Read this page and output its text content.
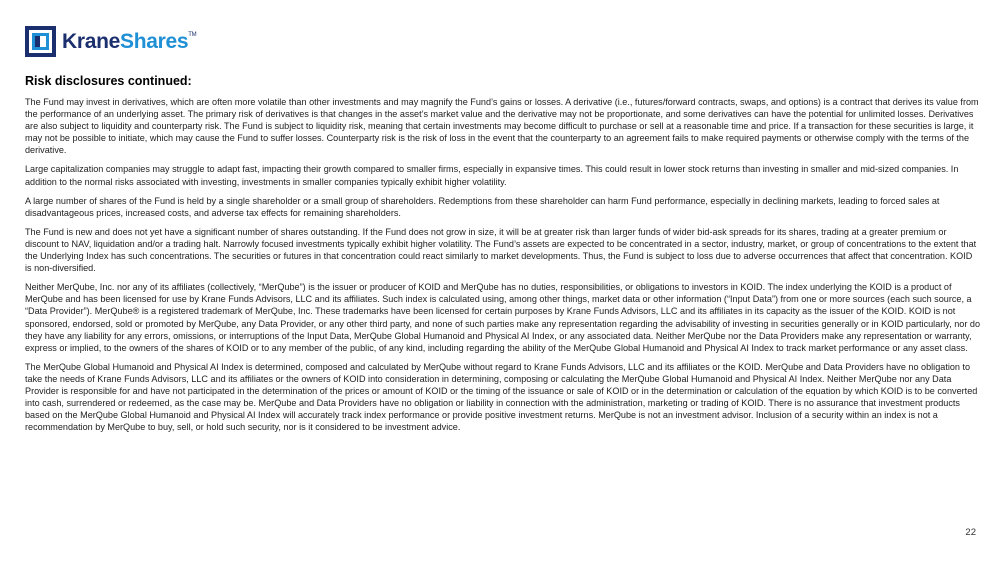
KraneShares™
Risk disclosures continued:

The Fund may invest in derivatives, which are often more volatile than other investments and may magnify the Fund’s gains or losses. A derivative (i.e., futures/forward contracts, swaps, and options) is a contract that derives its value from the performance of an underlying asset. The primary risk of derivatives is that changes in the asset’s market value and the derivative may not be proportionate, and some derivatives can have the potential for unlimited losses. Derivatives are also subject to liquidity and counterparty risk. The Fund is subject to liquidity risk, meaning that certain investments may become difficult to purchase or sell at a reasonable time and price. If a transaction for these securities is large, it may not be possible to initiate, which may cause the Fund to suffer losses. Counterparty risk is the risk of loss in the event that the counterparty to an agreement fails to make required payments or otherwise comply with the terms of the derivative.

Large capitalization companies may struggle to adapt fast, impacting their growth compared to smaller firms, especially in expansive times. This could result in lower stock returns than investing in smaller and mid-sized companies. In addition to the normal risks associated with investing, investments in smaller companies typically exhibit higher volatility.

A large number of shares of the Fund is held by a single shareholder or a small group of shareholders. Redemptions from these shareholder can harm Fund performance, especially in declining markets, leading to forced sales at disadvantageous prices, increased costs, and adverse tax effects for remaining shareholders.

The Fund is new and does not yet have a significant number of shares outstanding. If the Fund does not grow in size, it will be at greater risk than larger funds of wider bid-ask spreads for its shares, trading at a greater premium or discount to NAV, liquidation and/or a trading halt. Narrowly focused investments typically exhibit higher volatility. The Fund’s assets are expected to be concentrated in a sector, industry, market, or group of concentrations to the extent that the Underlying Index has such concentrations. The securities or futures in that concentration could react similarly to market developments. Thus, the Fund is subject to loss due to adverse occurrences that affect that concentration. KOID is non-diversified.

Neither MerQube, Inc. nor any of its affiliates (collectively, “MerQube”) is the issuer or producer of KOID and MerQube has no duties, responsibilities, or obligations to investors in KOID. The index underlying the KOID is a product of MerQube and has been licensed for use by Krane Funds Advisors, LLC and its affiliates. Such index is calculated using, among other things, market data or other information (“Input Data”) from one or more sources (each such source, a “Data Provider”). MerQube® is a registered trademark of MerQube, Inc. These trademarks have been licensed for certain purposes by Krane Funds Advisors, LLC and its affiliates in its capacity as the issuer of the KOID. KOID is not sponsored, endorsed, sold or promoted by MerQube, any Data Provider, or any other third party, and none of such parties make any representation regarding the advisability of investing in securities generally or in KOID particularly, nor do they have any liability for any errors, omissions, or interruptions of the Input Data, MerQube Global Humanoid and Physical AI Index, or any associated data. Neither MerQube nor the Data Providers make any representation or warranty, express or implied, to the owners of the shares of KOID or to any member of the public, of any kind, including regarding the ability of the MerQube Global Humanoid and Physical AI Index to track market performance or any asset class.

The MerQube Global Humanoid and Physical AI Index is determined, composed and calculated by MerQube without regard to Krane Funds Advisors, LLC and its affiliates or the KOID. MerQube and Data Providers have no obligation to take the needs of Krane Funds Advisors, LLC and its affiliates or the owners of KOID into consideration in determining, composing or calculating the MerQube Global Humanoid and Physical AI Index. Neither MerQube nor any Data Provider is responsible for and have not participated in the determination of the prices or amount of KOID or the timing of the issuance or sale of KOID or in the determination or calculation of the equation by which KOID is to be converted into cash, surrendered or redeemed, as the case may be. MerQube and Data Providers have no obligation or liability in connection with the administration, marketing or trading of KOID. There is no assurance that investment products based on the MerQube Global Humanoid and Physical AI Index will accurately track index performance or provide positive investment returns. MerQube is not an investment advisor. Inclusion of a security within an index is not a recommendation by MerQube to buy, sell, or hold such security, nor is it considered to be investment advice.

22
